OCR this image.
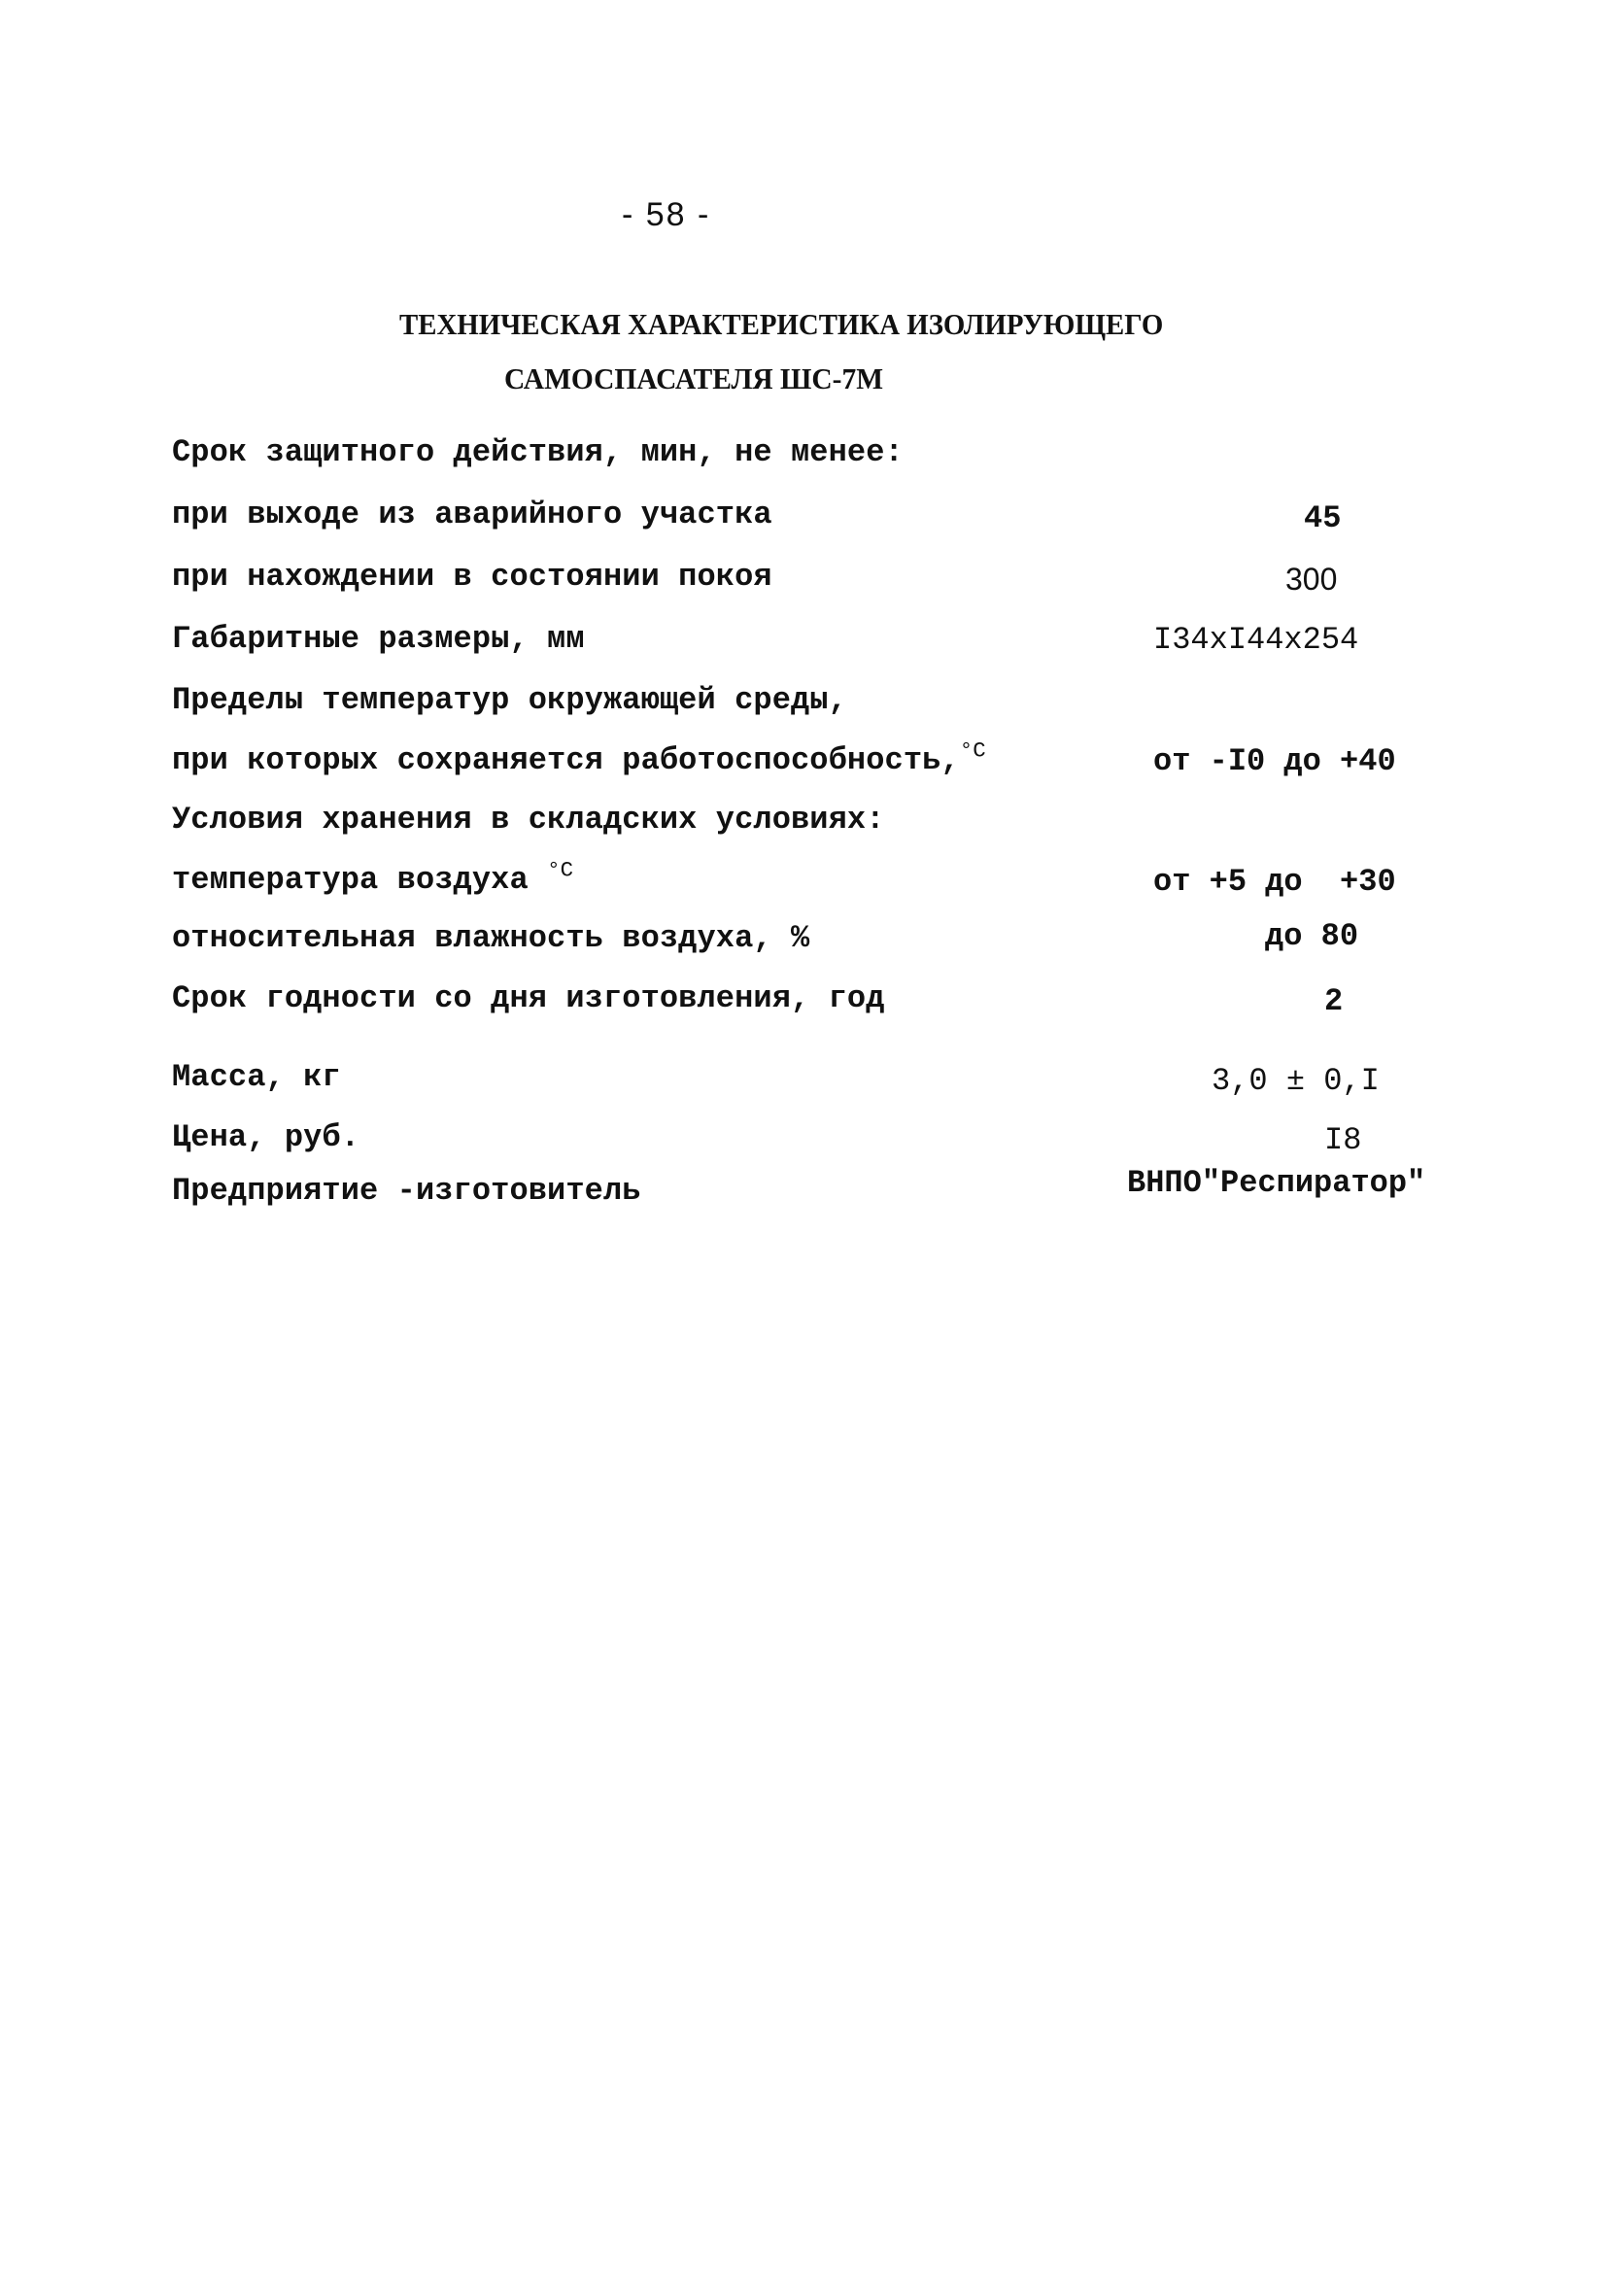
- 58 -
ТЕХНИЧЕСКАЯ ХАРАКТЕРИСТИКА ИЗОЛИРУЮЩЕГО
САМОСПАСАТЕЛЯ ШС-7М
Срок защитного действия, мин, не менее:
при выходе из аварийного участка	45
при нахождении в состоянии покоя	300
Габаритные размеры, мм	I34xI44x254
Пределы температур окружающей среды,
при которых сохраняется работоспособность,$^{^\circ С}$	от -I0 до +40
Условия хранения в складских условиях:
температура воздуха $^{^\circ С}$	от +5 до  +30
относительная влажность воздуха, %	до 80
Срок годности со дня изготовления, год	2
Масса, кг	3,0 ± 0,I
Цена, руб.	I8
Предприятие -изготовитель	ВНПО"Респиратор"
